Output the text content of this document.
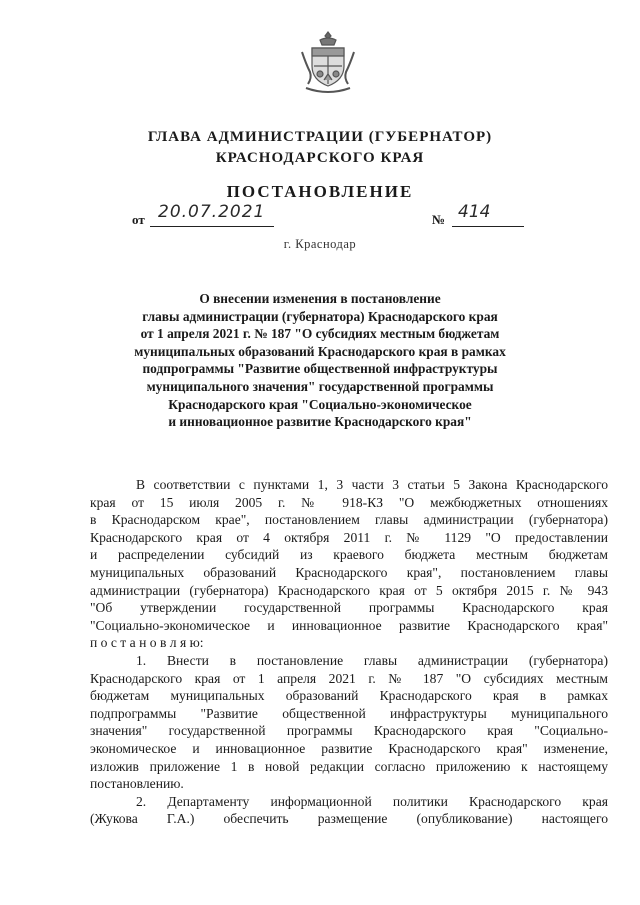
ГЛАВА АДМИНИСТРАЦИИ (ГУБЕРНАТОР)
КРАСНОДАРСКОГО КРАЯ
ПОСТАНОВЛЕНИЕ
от 20.07.2021	№ 414
г. Краснодар
О внесении изменения в постановление
главы администрации (губернатора) Краснодарского края
от 1 апреля 2021 г. № 187 "О субсидиях местным бюджетам
муниципальных образований Краснодарского края в рамках
подпрограммы "Развитие общественной инфраструктуры
муниципального значения" государственной программы
Краснодарского края "Социально-экономическое
и инновационное развитие Краснодарского края"
В соответствии с пунктами 1, 3 части 3 статьи 5 Закона Краснодарского
края от 15 июля 2005 г. № 918-КЗ "О межбюджетных отношениях
в Краснодарском крае", постановлением главы администрации (губернатора)
Краснодарского края от 4 октября 2011 г. № 1129 "О предоставлении
и распределении субсидий из краевого бюджета местным бюджетам
муниципальных образований Краснодарского края", постановлением главы
администрации (губернатора) Краснодарского края от 5 октября 2015 г. № 943
"Об утверждении государственной программы Краснодарского края
"Социально-экономическое и инновационное развитие Краснодарского края"
п о с т а н о в л я ю:
1. Внести в постановление главы администрации (губернатора)
Краснодарского края от 1 апреля 2021 г. № 187 "О субсидиях местным
бюджетам муниципальных образований Краснодарского края в рамках
подпрограммы "Развитие общественной инфраструктуры муниципального
значения" государственной программы Краснодарского края "Социально-
экономическое и инновационное развитие Краснодарского края" изменение,
изложив приложение 1 в новой редакции согласно приложению к настоящему
постановлению.
2. Департаменту информационной политики Краснодарского края
(Жукова Г.А.) обеспечить размещение (опубликование) настоящего
